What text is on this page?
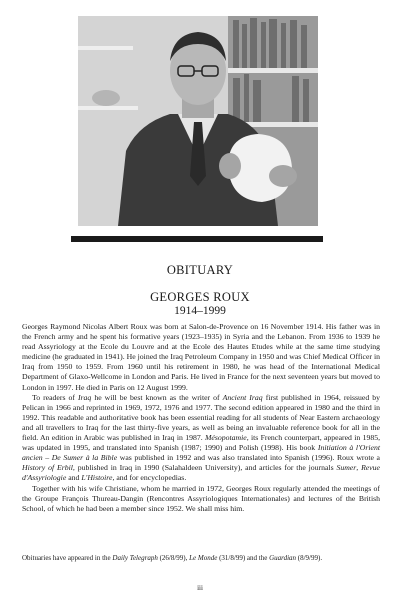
OBITUARY
GEORGES ROUX
1914–1999

Georges Raymond Nicolas Albert Roux was born at Salon-de-Provence on 16 November 1914. His father was in the French army and he spent his formative years (1923–1935) in Syria and the Lebanon. From 1936 to 1939 he read Assyriology at the Ecole du Louvre and at the Ecole des Hautes Etudes while at the same time studying medicine (he graduated in 1941). He joined the Iraq Petroleum Company in 1950 and was Chief Medical Officer in Iraq from 1950 to 1959. From 1960 until his retirement in 1980, he was head of the International Medical Department of Glaxo-Wellcome in London and Paris. He lived in France for the next seventeen years but moved to London in 1997. He died in Paris on 12 August 1999.

To readers of Iraq he will be best known as the writer of Ancient Iraq first published in 1964, reissued by Pelican in 1966 and reprinted in 1969, 1972, 1976 and 1977. The second edition appeared in 1980 and the third in 1992. This readable and authoritative book has been essential reading for all students of Near Eastern archaeology and all travellers to Iraq for the last thirty-five years, as well as being an invaluable reference book for all in the field. An edition in Arabic was published in Iraq in 1987. Mésopotamie, its French counterpart, appeared in 1985, was updated in 1995, and translated into Spanish (1987; 1990) and Polish (1998). His book Initiation à l'Orient ancien – De Sumer à la Bible was published in 1992 and was also translated into Spanish (1996). Roux wrote a History of Erbil, published in Iraq in 1990 (Salahaldeen University), and articles for the journals Sumer, Revue d'Assyriologie and L'Histoire, and for encyclopedias.

Together with his wife Christiane, whom he married in 1972, Georges Roux regularly attended the meetings of the Groupe François Thureau-Dangin (Rencontres Assyriologiques Internationales) and lectures of the British School, of which he had been a member since 1952. We shall miss him.

Obituaries have appeared in the Daily Telegraph (26/8/99), Le Monde (31/8/99) and the Guardian (8/9/99).
iii
